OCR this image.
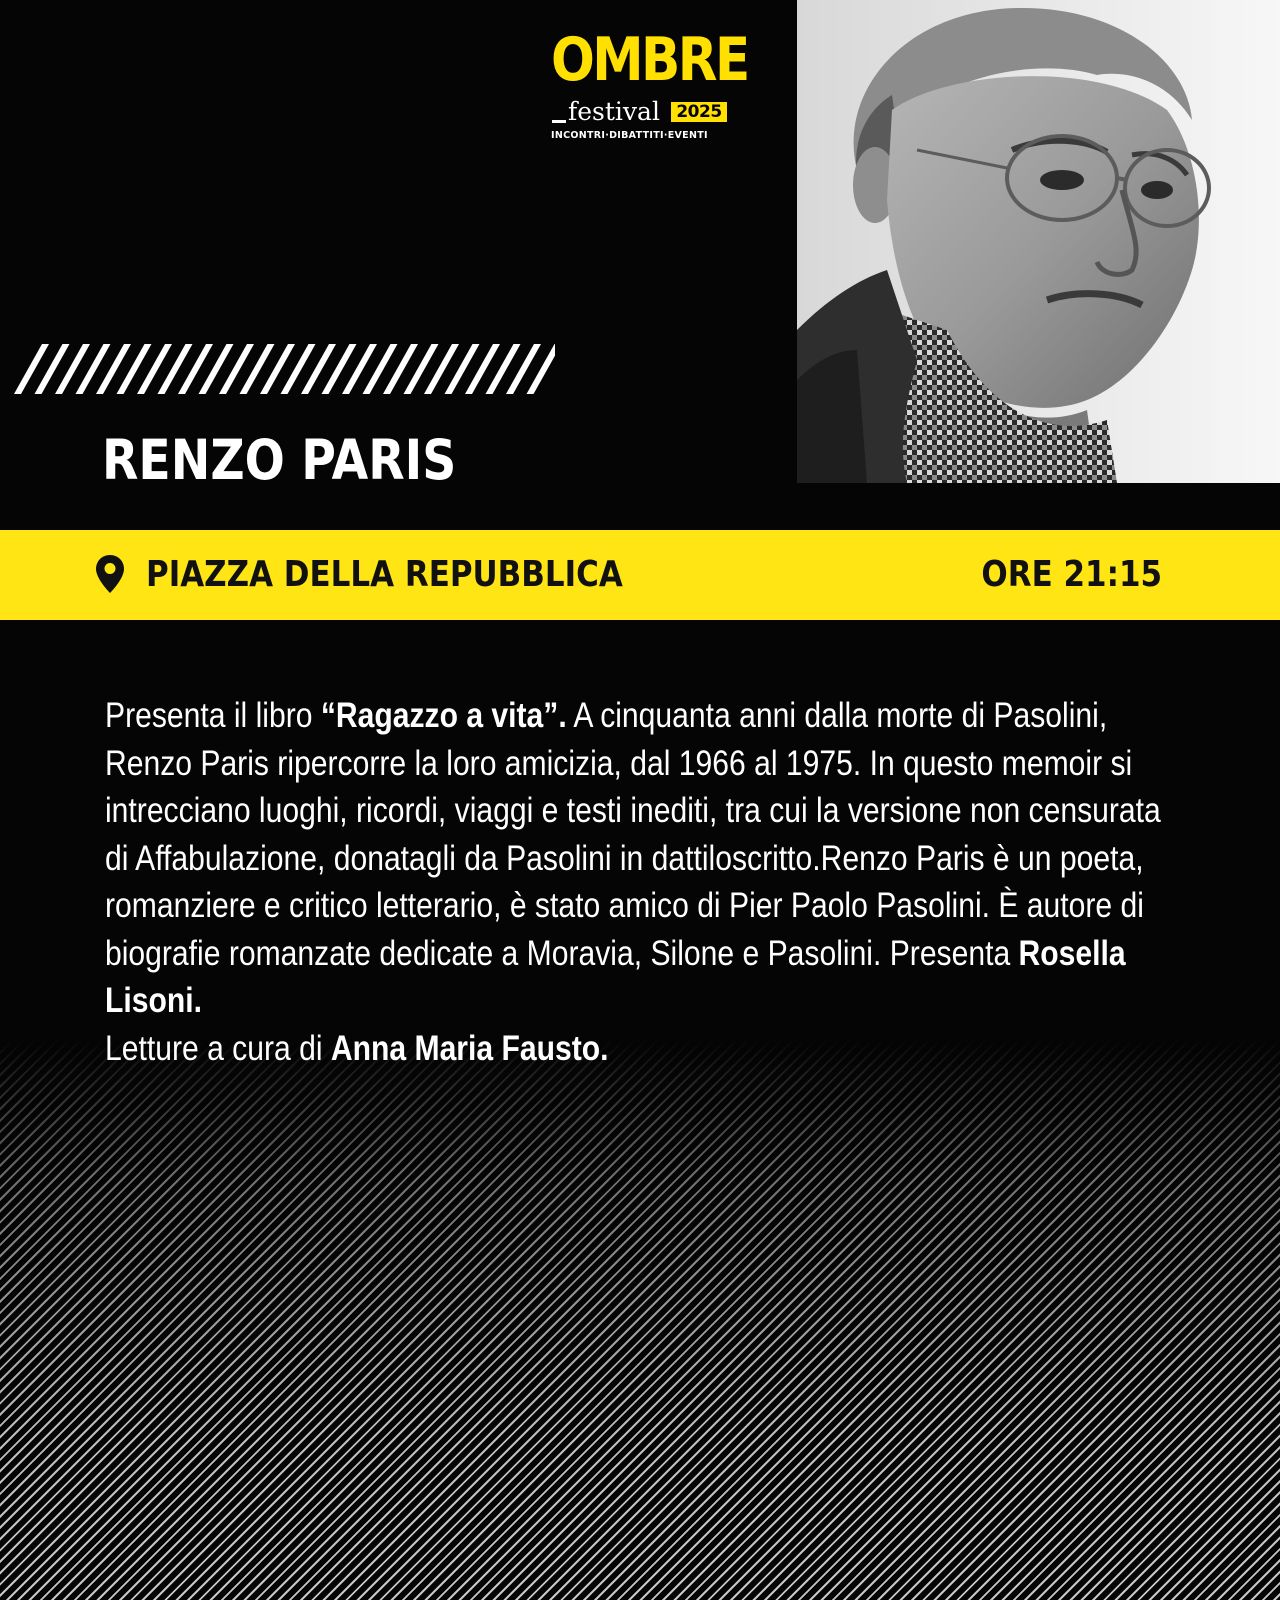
OMBRE
festival 2025
INCONTRI·DIBATTITI·EVENTI
RENZO PARIS
PIAZZA DELLA REPUBBLICA	ORE 21:15
Presenta il libro “Ragazzo a vita”. A cinquanta anni dalla morte di Pasolini, Renzo Paris ripercorre la loro amicizia, dal 1966 al 1975. In questo memoir si intrecciano luoghi, ricordi, viaggi e testi inediti, tra cui la versione non censurata di Affabulazione, donatagli da Pasolini in dattiloscritto.Renzo Paris è un poeta, romanziere e critico letterario, è stato amico di Pier Paolo Pasolini. È autore di biografie romanzate dedicate a Moravia, Silone e Pasolini. Presenta Rosella Lisoni.
Letture a cura di Anna Maria Fausto.
